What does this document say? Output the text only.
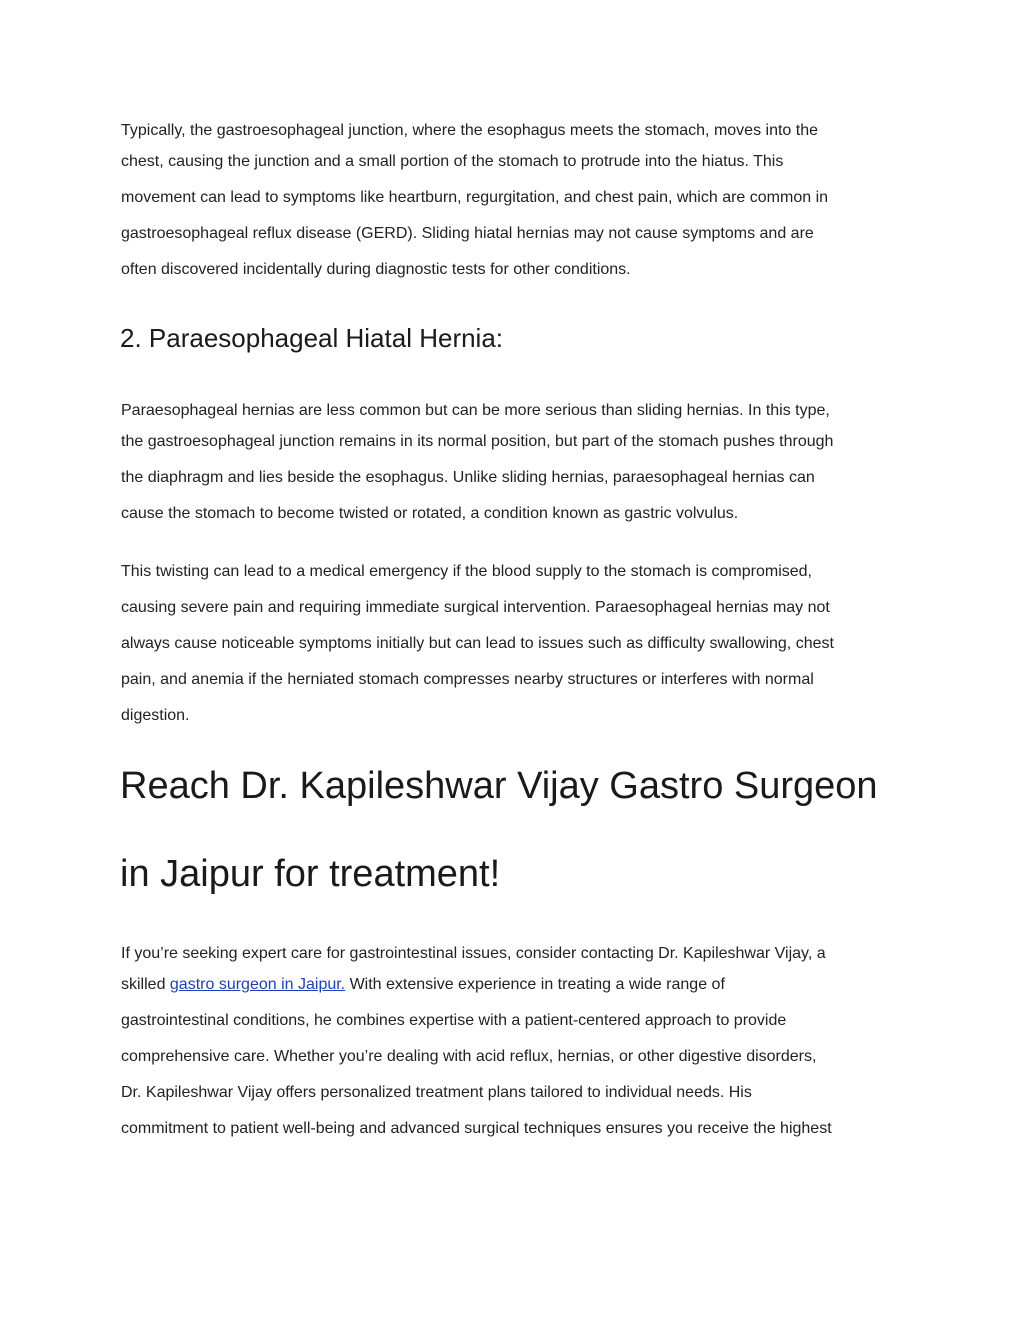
Typically, the gastroesophageal junction, where the esophagus meets the stomach, moves into the
chest, causing the junction and a small portion of the stomach to protrude into the hiatus. This
movement can lead to symptoms like heartburn, regurgitation, and chest pain, which are common in
gastroesophageal reflux disease (GERD). Sliding hiatal hernias may not cause symptoms and are
often discovered incidentally during diagnostic tests for other conditions.
2. Paraesophageal Hiatal Hernia:
Paraesophageal hernias are less common but can be more serious than sliding hernias. In this type,
the gastroesophageal junction remains in its normal position, but part of the stomach pushes through
the diaphragm and lies beside the esophagus. Unlike sliding hernias, paraesophageal hernias can
cause the stomach to become twisted or rotated, a condition known as gastric volvulus.
This twisting can lead to a medical emergency if the blood supply to the stomach is compromised,
causing severe pain and requiring immediate surgical intervention. Paraesophageal hernias may not
always cause noticeable symptoms initially but can lead to issues such as difficulty swallowing, chest
pain, and anemia if the herniated stomach compresses nearby structures or interferes with normal
digestion.
Reach Dr. Kapileshwar Vijay Gastro Surgeon
in Jaipur for treatment!
If you’re seeking expert care for gastrointestinal issues, consider contacting Dr. Kapileshwar Vijay, a
skilled gastro surgeon in Jaipur. With extensive experience in treating a wide range of
gastrointestinal conditions, he combines expertise with a patient-centered approach to provide
comprehensive care. Whether you’re dealing with acid reflux, hernias, or other digestive disorders,
Dr. Kapileshwar Vijay offers personalized treatment plans tailored to individual needs. His
commitment to patient well-being and advanced surgical techniques ensures you receive the highest
